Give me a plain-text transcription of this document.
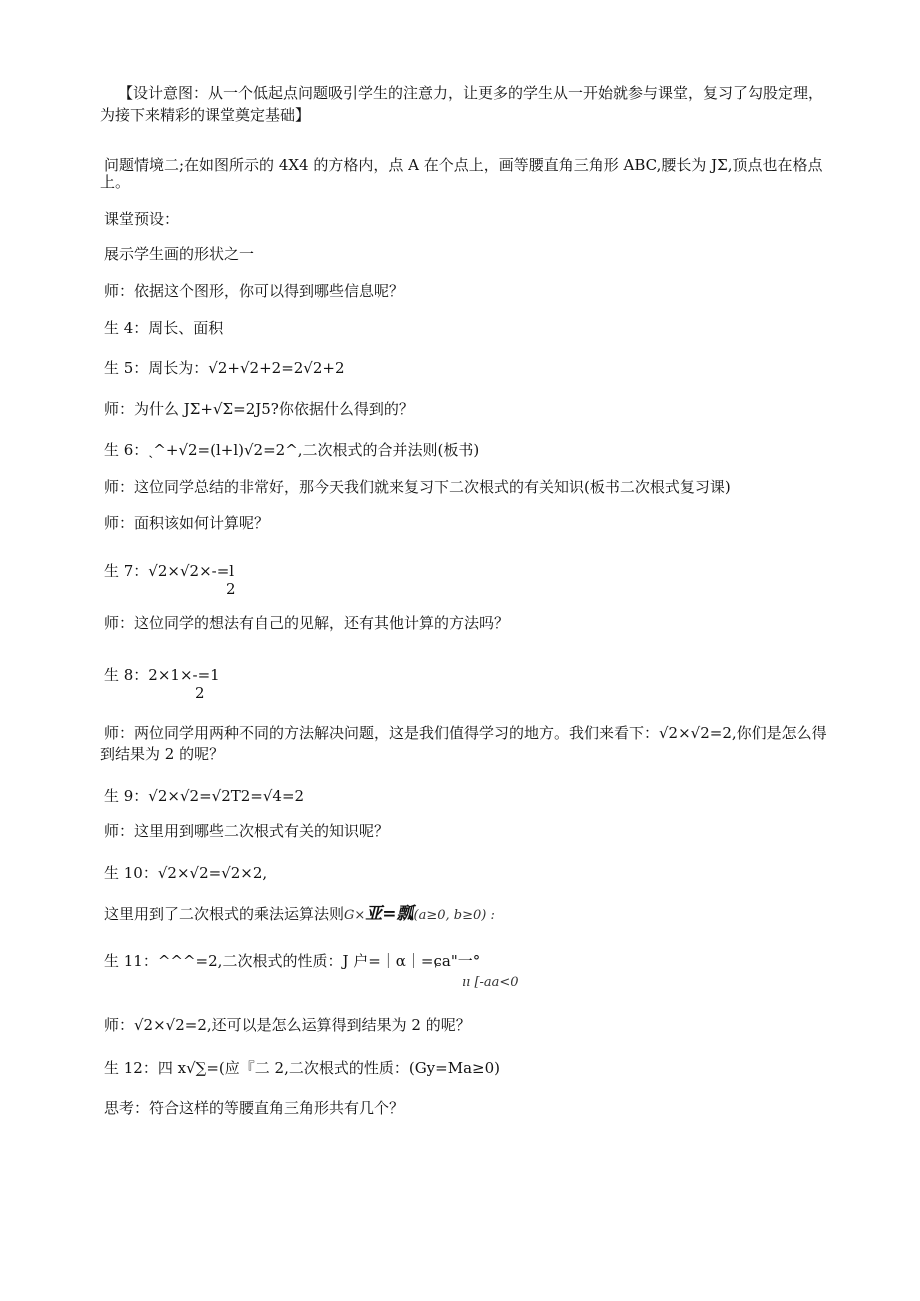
【设计意图：从一个低起点问题吸引学生的注意力，让更多的学生从一开始就参与课堂，复习了勾股定理，
为接下来精彩的课堂奠定基础】
问题情境二;在如图所示的 4X4 的方格内，点 A 在个点上，画等腰直角三角形 ABC,腰长为 JΣ,顶点也在格点
上。
课堂预设：
展示学生画的形状之一
师：依据这个图形，你可以得到哪些信息呢？
生 4：周长、面积
生 5：周长为：√2+√2+2=2√2+2
师：为什么 JΣ+√Σ=2J5?你依据什么得到的？
生 6：ˎ^+√2=(l+l)√2=2^,二次根式的合并法则(板书)
师：这位同学总结的非常好，那今天我们就来复习下二次根式的有关知识(板书二次根式复习课)
师：面积该如何计算呢？
生 7：√2×√2×-=l
2
师：这位同学的想法有自己的见解，还有其他计算的方法吗？
生 8：2×1×-=1
2
师：两位同学用两种不同的方法解决问题，这是我们值得学习的地方。我们来看下：√2×√2=2,你们是怎么得
到结果为 2 的呢？
生 9：√2×√2=√2T2=√4=2
师：这里用到哪些二次根式有关的知识呢？
生 10：√2×√2=√2×2,
这里用到了二次根式的乘法运算法则G×亚=瓢(a≥0, b≥0) :
生 11：^^^=2,二次根式的性质：J 户=｜α｜=ɕa"一°
ıı [-aa<0
师：√2×√2=2,还可以是怎么运算得到结果为 2 的呢？
生 12：四 x√∑=(应『二 2,二次根式的性质：(Gy=Ma≥0)
思考：符合这样的等腰直角三角形共有几个？
